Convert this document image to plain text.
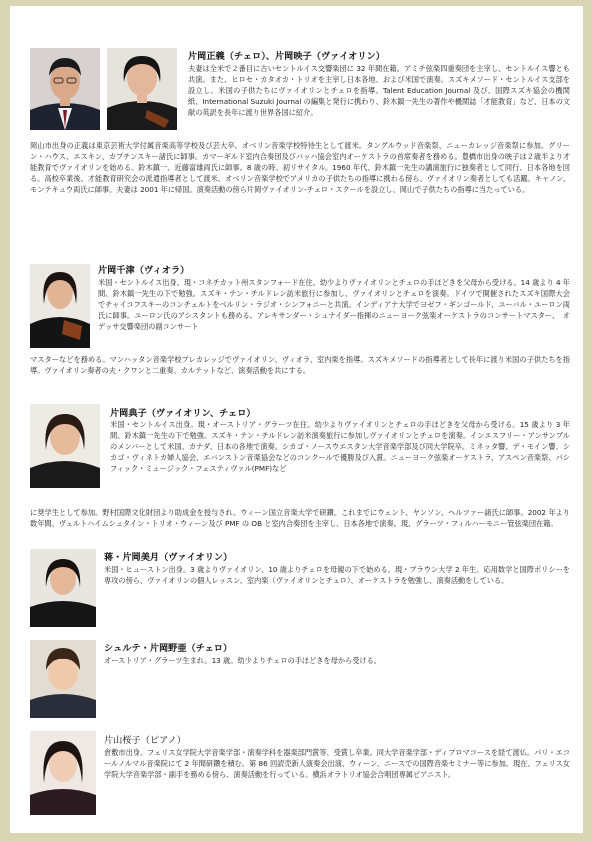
片岡正義（チェロ）、片岡映子（ヴァイオリン）
夫妻は全米で２番目に古いセントルイス交響楽団に 32 年間在籍。アミチ弦楽四重奏団を主宰し、セントルイス響とも共演。また、ヒロセ・カタオカ・トリオを主宰し日本各地、および米国で演奏。スズキメソード・セントルイス支部を設立し、米国の子供たちにヴァイオリンとチェロを指導。Talent Education Journal 及び、国際スズキ協会の機関紙、International Suzuki Journal の編集と発行に携わり、鈴木鎮一先生の著作や機関誌「才能教育」など、日本の文献の英訳を長年に渡り世界各国に紹介。
岡山市出身の正義は東京芸術大学付属音楽高等学校及び芸大卒。オベリン音楽学校特待生として渡米。タングルウッド音楽祭、ニューカレッジ音楽祭に参加。グリーン・ハウス、エスキン、カプチンスキー諸氏に師事。カマーギルド室内合奏団及びバッハ協会室内オーケストラの首席奏者を務める。豊橋市出身の映子は２歳半より才能教育でヴァイオリンを始める。鈴木鎮一、近藤富雄両氏に師事。8 歳の時、初リサイタル。1960 年代、鈴木鎮一先生の講演旅行に独奏者として同行、日本各地を回る。高校卒業後、才能教育研究会の派遣指導者として渡米、オベリン音楽学校でアメリカの子供たちの指導に携わる傍ら、ヴァイオリン奏者としても活躍。キャノン、モンテキュウ両氏に師事。夫妻は 2001 年に帰国。演奏活動の傍ら片岡ヴァイオリン-チェロ・スクールを設立し、岡山で子供たちの指導に当たっている。
片岡千津（ヴィオラ）
米国・セントルイス出身。現・コネチカット州スタンフォード在住。幼少よりヴァイオリンとチェロの手ほどきを父母から受ける。14 歳より 4 年間、鈴木鎮一先生の下で勉強。スズキ・テン・チルドレン訪米旅行に参加し、ヴァイオリンとチェロを演奏。ドイツで開催されたスズキ国際大会でチャイコフスキーのコンチェルトをベルリン・ラジオ・シンフォニーと共演。インディアナ大学でヨゼフ・ギンゴールド、ユーバル・ユーロン両氏に師事。ユーロン氏のアシスタントも務める。アレキサンダー・シュナイダー指揮のニューヨーク弦楽オーケストラのコンサートマスター、　オデッサ交響楽団の副コンサート
マスターなどを務める。マンハッタン音楽学校プレカレッジでヴァイオリン、ヴィオラ、室内楽を指導。スズキメソードの指導者として長年に渡り米国の子供たちを指導。ヴァイオリン奏者の夫・クワンと二重奏、カルテットなど、演奏活動を共にする。
片岡典子（ヴァイオリン、チェロ）
米国・セントルイス出身。現・オーストリア・グラーツ在住。幼少よりヴァイオリンとチェロの手ほどきを父母から受ける。15 歳より 3 年間、鈴木鎮一先生の下で勉強。スズキ・テン・チルドレン訪米演奏旅行に参加しヴァイオリンとチェロを演奏。インエスフリー・アンサンブルのメンバーとして米国、カナダ、日本の各地で演奏。シカゴ・ノースウエスタン大学音楽学部及び同大学院卒。ミネッタ響、デ・モイン響、シカゴ・ヴィネトカ婦人協会、エバンストン音楽協会などのコンクールで優勝及び入賞。ニューヨーク弦楽オーケストラ、アスペン音楽祭、パシフィック・ミュージック・フェスティヴァル(PMF)など
に奨学生として参加。野村国際文化財団より助成金を授与され、ウィーン国立音楽大学で研鑽。これまでにウェント、ヤンソン、ヘルツァー諸氏に師事。2002 年より数年間、ヴェルトハイムシュタイン・トリオ・ウィーン及び PMF の OB と室内合奏団を主宰し、日本各地で演奏。現、グラーツ・フィルハーモニー管弦楽団在籍。
蒋・片岡美月（ヴァイオリン）
米国・ヒューストン出身。3 歳よりヴァイオリン、10 歳よりチェロを母親の下で始める。現・ブラウン大学 2 年生。応用数学と国際ポリシーを専攻の傍ら、ヴァイオリンの個人レッスン、室内楽（ヴァイオリンとチェロ）、オーケストラを勉強し、演奏活動をしている。
シュルテ・片岡野亜（チェロ）
オーストリア・グラーツ生まれ。13 歳。幼少よりチェロの手ほどきを母から受ける。
片山桜子（ピアノ）
倉敷市出身。フェリス女学院大学音楽学部・演奏学科を器楽部門賞等、受賞し卒業。同大学音楽学部・ディプロマコースを経て渡仏。パリ・エコールノルマル音楽院にて 2 年間研鑽を積む。第 86 回読売新人演奏会出演、ウィーン、ニースでの国際音楽セミナー等に参加。現在、フェリス女学院大学音楽学部・副手を務める傍ら、演奏活動を行っている。横浜オラトリオ協会合唱団専属ピアニスト。
